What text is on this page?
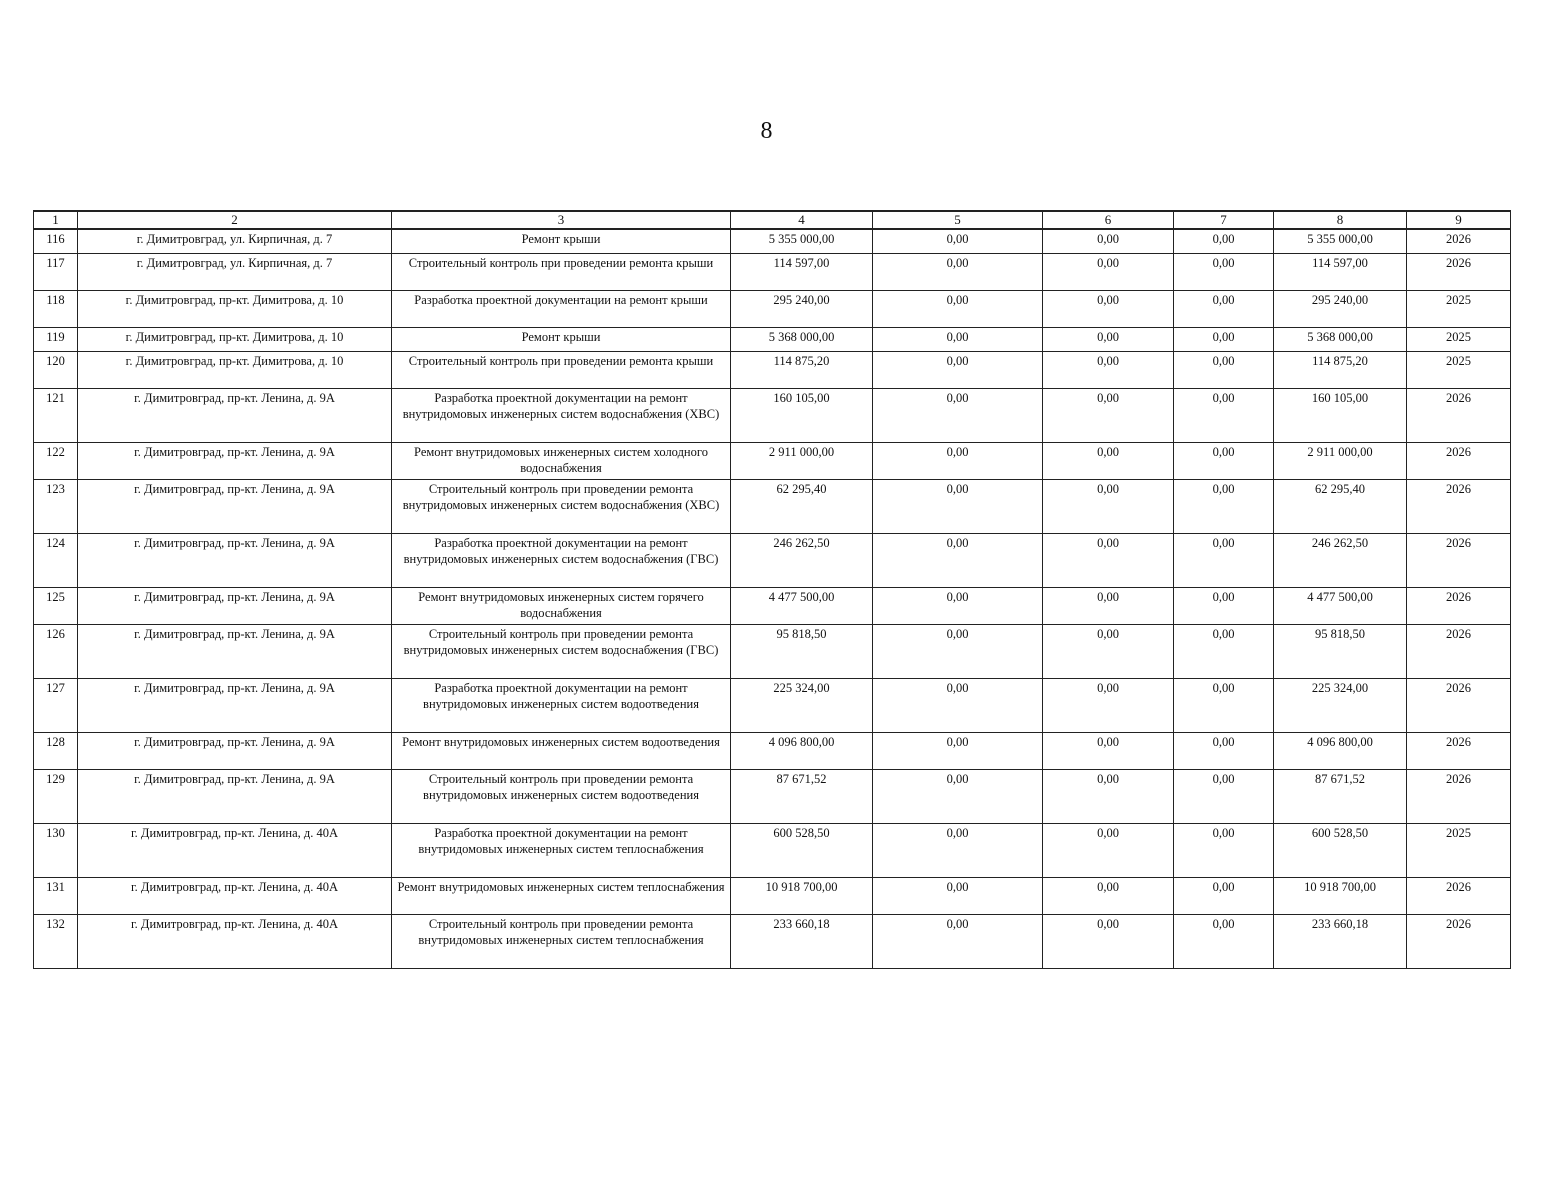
8
1	2	3	4	5	6	7	8	9
116	г. Димитровград, ул. Кирпичная, д. 7	Ремонт крыши	5 355 000,00	0,00	0,00	0,00	5 355 000,00	2026
117	г. Димитровград, ул. Кирпичная, д. 7	Строительный контроль при проведении ремонта крыши	114 597,00	0,00	0,00	0,00	114 597,00	2026
118	г. Димитровград, пр-кт. Димитрова, д. 10	Разработка проектной документации на ремонт крыши	295 240,00	0,00	0,00	0,00	295 240,00	2025
119	г. Димитровград, пр-кт. Димитрова, д. 10	Ремонт крыши	5 368 000,00	0,00	0,00	0,00	5 368 000,00	2025
120	г. Димитровград, пр-кт. Димитрова, д. 10	Строительный контроль при проведении ремонта крыши	114 875,20	0,00	0,00	0,00	114 875,20	2025
121	г. Димитровград, пр-кт. Ленина, д. 9А	Разработка проектной документации на ремонт внутридомовых инженерных систем водоснабжения (ХВС)	160 105,00	0,00	0,00	0,00	160 105,00	2026
122	г. Димитровград, пр-кт. Ленина, д. 9А	Ремонт внутридомовых инженерных систем холодного водоснабжения	2 911 000,00	0,00	0,00	0,00	2 911 000,00	2026
123	г. Димитровград, пр-кт. Ленина, д. 9А	Строительный контроль при проведении ремонта внутридомовых инженерных систем водоснабжения (ХВС)	62 295,40	0,00	0,00	0,00	62 295,40	2026
124	г. Димитровград, пр-кт. Ленина, д. 9А	Разработка проектной документации на ремонт внутридомовых инженерных систем водоснабжения (ГВС)	246 262,50	0,00	0,00	0,00	246 262,50	2026
125	г. Димитровград, пр-кт. Ленина, д. 9А	Ремонт внутридомовых инженерных систем горячего водоснабжения	4 477 500,00	0,00	0,00	0,00	4 477 500,00	2026
126	г. Димитровград, пр-кт. Ленина, д. 9А	Строительный контроль при проведении ремонта внутридомовых инженерных систем водоснабжения (ГВС)	95 818,50	0,00	0,00	0,00	95 818,50	2026
127	г. Димитровград, пр-кт. Ленина, д. 9А	Разработка проектной документации на ремонт внутридомовых инженерных систем водоотведения	225 324,00	0,00	0,00	0,00	225 324,00	2026
128	г. Димитровград, пр-кт. Ленина, д. 9А	Ремонт внутридомовых инженерных систем водоотведения	4 096 800,00	0,00	0,00	0,00	4 096 800,00	2026
129	г. Димитровград, пр-кт. Ленина, д. 9А	Строительный контроль при проведении ремонта внутридомовых инженерных систем водоотведения	87 671,52	0,00	0,00	0,00	87 671,52	2026
130	г. Димитровград, пр-кт. Ленина, д. 40А	Разработка проектной документации на ремонт внутридомовых инженерных систем теплоснабжения	600 528,50	0,00	0,00	0,00	600 528,50	2025
131	г. Димитровград, пр-кт. Ленина, д. 40А	Ремонт внутридомовых инженерных систем теплоснабжения	10 918 700,00	0,00	0,00	0,00	10 918 700,00	2026
132	г. Димитровград, пр-кт. Ленина, д. 40А	Строительный контроль при проведении ремонта внутридомовых инженерных систем теплоснабжения	233 660,18	0,00	0,00	0,00	233 660,18	2026
